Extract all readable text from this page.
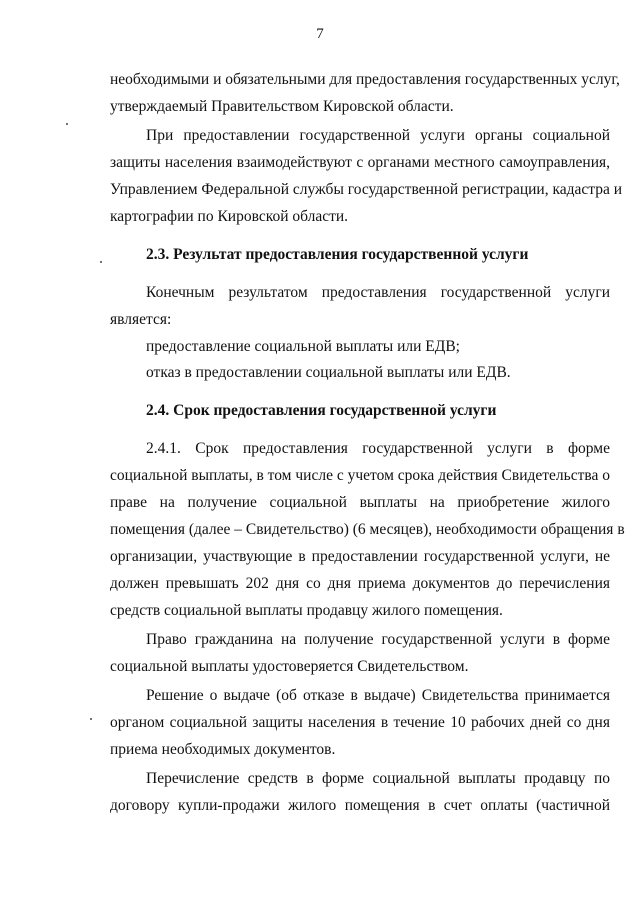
7
необходимыми и обязательными для предоставления государственных услуг,
утверждаемый Правительством Кировской области.
При предоставлении государственной услуги органы социальной
защиты населения взаимодействуют с органами местного самоуправления,
Управлением Федеральной службы государственной регистрации, кадастра и
картографии по Кировской области.
2.3. Результат предоставления государственной услуги
Конечным результатом предоставления государственной услуги
является:
предоставление социальной выплаты или ЕДВ;
отказ в предоставлении социальной выплаты или ЕДВ.
2.4. Срок предоставления государственной услуги
2.4.1. Срок предоставления государственной услуги в форме
социальной выплаты, в том числе с учетом срока действия Свидетельства о
праве на получение социальной выплаты на приобретение жилого
помещения (далее – Свидетельство) (6 месяцев), необходимости обращения в
организации, участвующие в предоставлении государственной услуги, не
должен превышать 202 дня со дня приема документов до перечисления
средств социальной выплаты продавцу жилого помещения.
Право гражданина на получение государственной услуги в форме
социальной выплаты удостоверяется Свидетельством.
Решение о выдаче (об отказе в выдаче) Свидетельства принимается
органом социальной защиты населения в течение 10 рабочих дней со дня
приема необходимых документов.
Перечисление средств в форме социальной выплаты продавцу по
договору купли-продажи жилого помещения в счет оплаты (частичной
